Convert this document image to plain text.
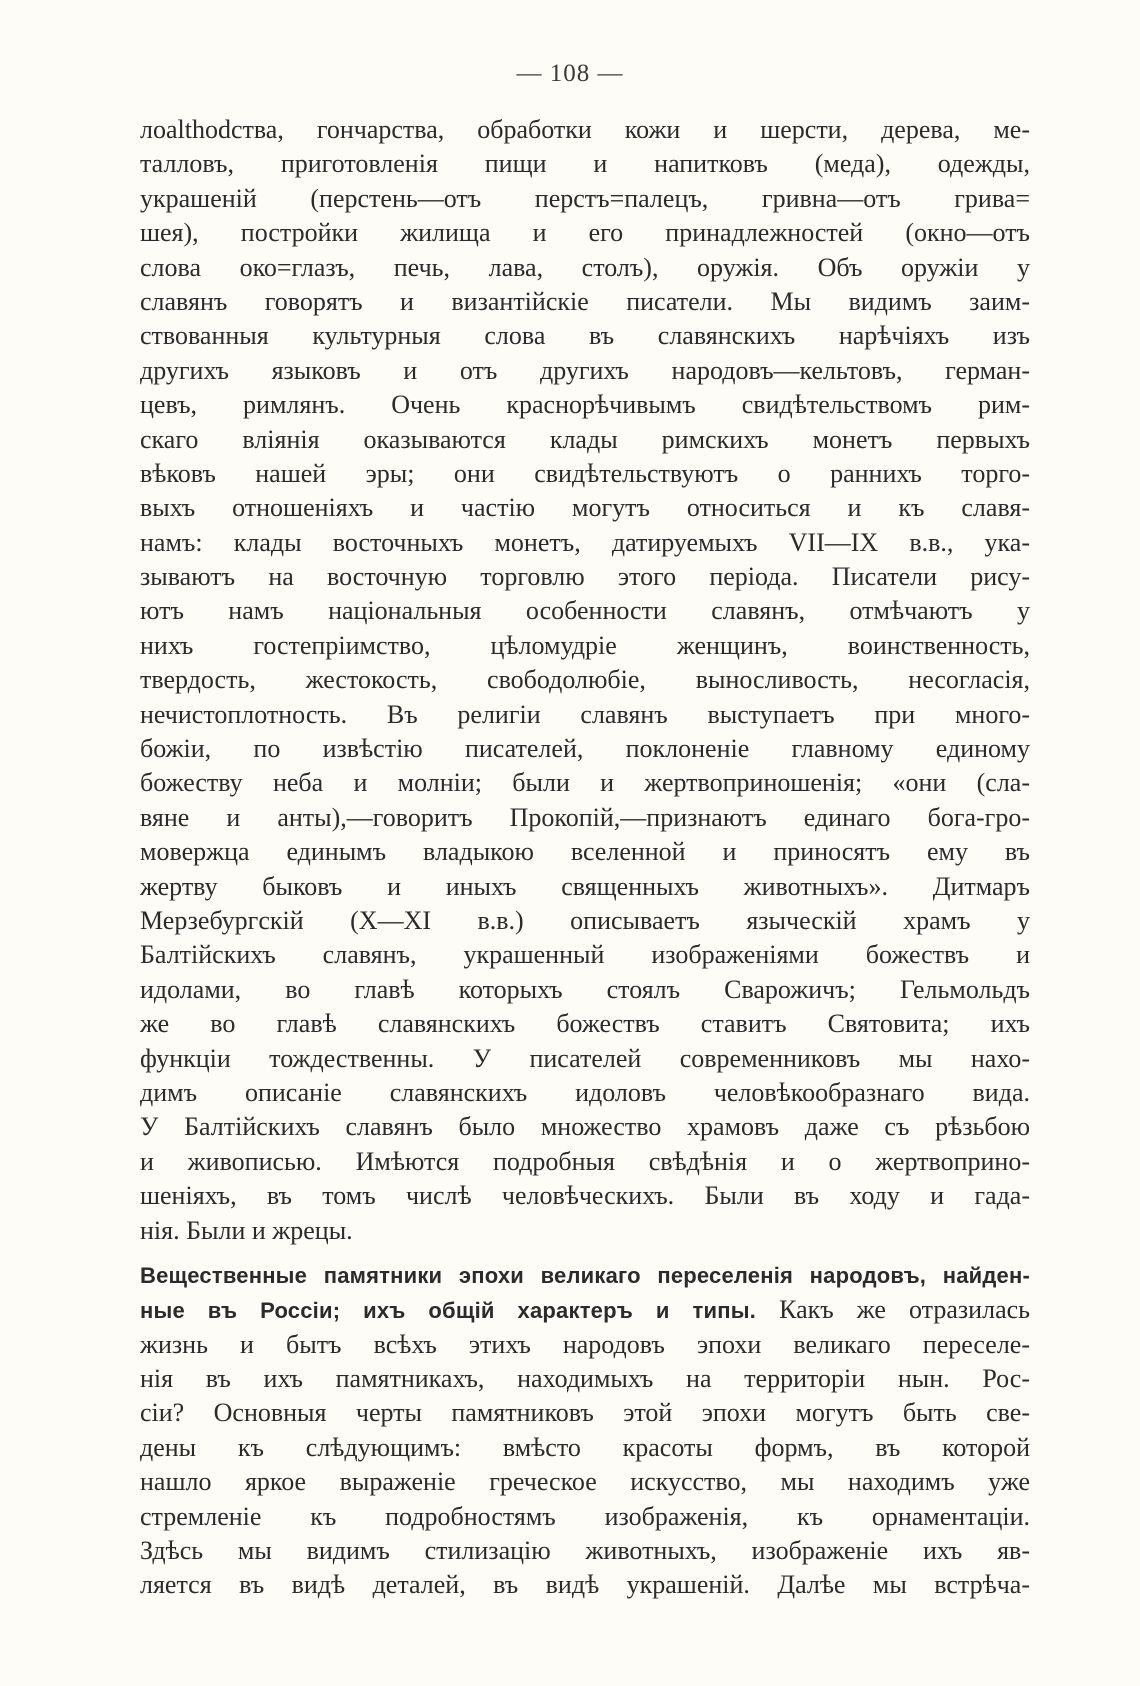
— 108 —
лоalthodства, гончарства, обработки кожи и шерсти, дерева, ме-
талловъ, приготовленія пищи и напитковъ (меда), одежды,
украшеній (перстень—отъ перстъ=палецъ, гривна—отъ грива=
шея), постройки жилища и его принадлежностей (окно—отъ
слова око=глазъ, печь, лава, столъ), оружія. Объ оружіи у
славянъ говорятъ и византійскіе писатели. Мы видимъ заим-
ствованныя культурныя слова въ славянскихъ нарѣчіяхъ изъ
другихъ языковъ и отъ другихъ народовъ—кельтовъ, герман-
цевъ, римлянъ. Очень краснорѣчивымъ свидѣтельствомъ рим-
скаго вліянія оказываются клады римскихъ монетъ первыхъ
вѣковъ нашей эры; они свидѣтельствуютъ о раннихъ торго-
выхъ отношеніяхъ и частію могутъ относиться и къ славя-
намъ: клады восточныхъ монетъ, датируемыхъ VII—IX в.в., ука-
зываютъ на восточную торговлю этого періода. Писатели рису-
ютъ намъ національныя особенности славянъ, отмѣчаютъ у
нихъ гостепріимство, цѣломудріе женщинъ, воинственность,
твердость, жестокость, свободолюбіе, выносливость, несогласія,
нечистоплотность. Въ религіи славянъ выступаетъ при много-
божіи, по извѣстію писателей, поклоненіе главному единому
божеству неба и молніи; были и жертвоприношенія; «они (сла-
вяне и анты),—говоритъ Прокопій,—признаютъ единаго бога-гро-
мовержца единымъ владыкою вселенной и приносятъ ему въ
жертву быковъ и иныхъ священныхъ животныхъ». Дитмаръ
Мерзебургскій (X—XI в.в.) описываетъ языческій храмъ у
Балтійскихъ славянъ, украшенный изображеніями божествъ и
идолами, во главѣ которыхъ стоялъ Сварожичъ; Гельмольдъ
же во главѣ славянскихъ божествъ ставитъ Святовита; ихъ
функціи тождественны. У писателей современниковъ мы нахо-
димъ описаніе славянскихъ идоловъ человѣкообразнаго вида.
У Балтійскихъ славянъ было множество храмовъ даже съ рѣзьбою
и живописью. Имѣются подробныя свѣдѣнія и о жертвоприно-
шеніяхъ, въ томъ числѣ человѣческихъ. Были въ ходу и гада-
нія. Были и жрецы.
Вещественные памятники эпохи великаго переселенія народовъ, найден-
ные въ Россіи; ихъ общій характеръ и типы. Какъ же отразилась
жизнь и бытъ всѣхъ этихъ народовъ эпохи великаго переселе-
нія въ ихъ памятникахъ, находимыхъ на территоріи нын. Рос-
сіи? Основныя черты памятниковъ этой эпохи могутъ быть све-
дены къ слѣдующимъ: вмѣсто красоты формъ, въ которой
нашло яркое выраженіе греческое искусство, мы находимъ уже
стремленіе къ подробностямъ изображенія, къ орнаментаціи.
Здѣсь мы видимъ стилизацію животныхъ, изображеніе ихъ яв-
ляется въ видѣ деталей, въ видѣ украшеній. Далѣе мы встрѣча-
